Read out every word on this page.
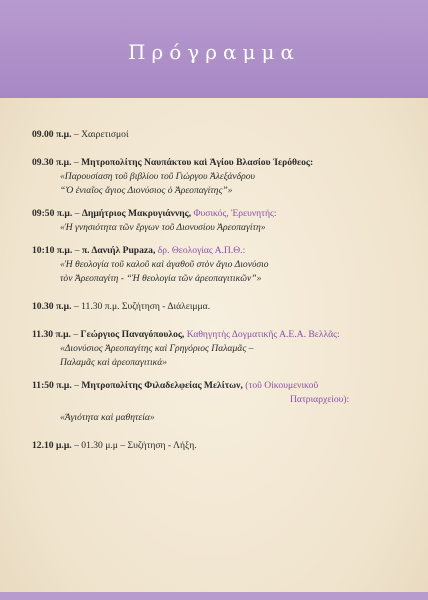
Πρόγραμμα
09.00 π.μ. – Χαιρετισμοί
09.30 π.μ. – Μητροπολίτης Ναυπάκτου καὶ Ἁγίου Βλασίου Ἱερόθεος:
«Παρουσίαση τοῦ βιβλίου τοῦ Γιώργου Ἀλεξάνδρου
“Ὁ ἑνιαῖος ἅγιος Διονύσιος ὁ Ἀρεοπαγίτης”»
09:50 π.μ. – Δημήτριος Μακρυγιάννης, Φυσικός, Ἐρευνητής:
«Ἡ γνησιότητα τῶν ἔργων τοῦ Διονυσίου Ἀρεοπαγίτη»
10:10 π.μ. – π. Δανιήλ Pupaza, δρ. Θεολογίας Α.Π.Θ.:
«Ἡ θεολογία τοῦ καλοῦ καὶ ἀγαθοῦ στὸν ἅγιο Διονύσιο
τὸν Ἀρεοπαγίτη - “Ἡ θεολογία τῶν ἀρεοπαγιτικῶν”»
10.30 π.μ. – 11.30 π.μ. Συζήτηση - Διάλειμμα.
11.30 π.μ. – Γεώργιος Παναγόπουλος, Καθηγητὴς Δογματικῆς Α.Ε.Α. Βελλᾶς:
«Διονύσιος Ἀρεοπαγίτης καὶ Γρηγόριος Παλαμᾶς –
Παλαμᾶς καὶ ἀρεοπαγιτικά»
11:50 π.μ. – Μητροπολίτης Φιλαδελφείας Μελίτων, (τοῦ Οἰκουμενικοῦ
Πατριαρχείου):
«Ἁγιότητα καὶ μαθητεία»
12.10 μ.μ. – 01.30 μ.μ – Συζήτηση - Λήξη.
